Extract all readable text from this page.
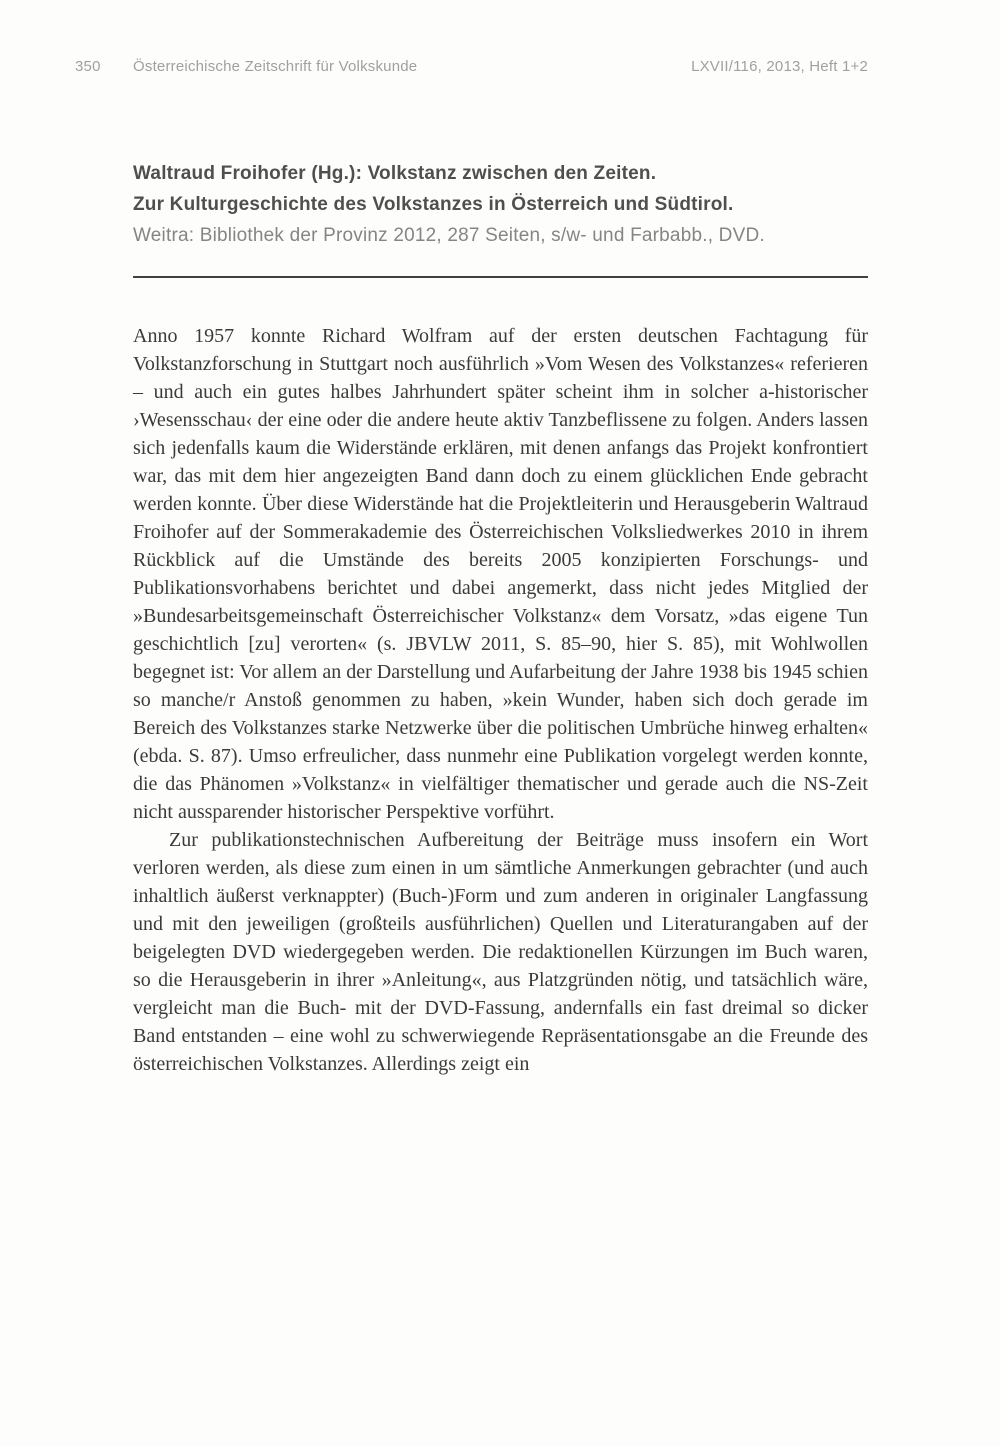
350	Österreichische Zeitschrift für Volkskunde	LXVII/116, 2013, Heft 1+2

Waltraud Froihofer (Hg.): Volkstanz zwischen den Zeiten.

Zur Kulturgeschichte des Volkstanzes in Österreich und Südtirol.

Weitra: Bibliothek der Provinz 2012, 287 Seiten, s/w- und Farbabb., DVD.

Anno 1957 konnte Richard Wolfram auf der ersten deutschen Fachtagung für Volkstanzforschung in Stuttgart noch ausführlich »Vom Wesen des Volkstanzes« referieren – und auch ein gutes halbes Jahrhundert später scheint ihm in solcher a-historischer ›Wesensschau‹ der eine oder die andere heute aktiv Tanzbeflissene zu folgen. Anders lassen sich jedenfalls kaum die Widerstände erklären, mit denen anfangs das Projekt konfrontiert war, das mit dem hier angezeigten Band dann doch zu einem glücklichen Ende gebracht werden konnte. Über diese Widerstände hat die Projektleiterin und Herausgeberin Waltraud Froihofer auf der Sommerakademie des Österreichischen Volksliedwerkes 2010 in ihrem Rückblick auf die Umstände des bereits 2005 konzipierten Forschungs- und Publikationsvorhabens berichtet und dabei angemerkt, dass nicht jedes Mitglied der »Bundesarbeitsgemeinschaft Österreichischer Volkstanz« dem Vorsatz, »das eigene Tun geschichtlich [zu] verorten« (s. JBVLW 2011, S. 85–90, hier S. 85), mit Wohlwollen begegnet ist: Vor allem an der Darstellung und Aufarbeitung der Jahre 1938 bis 1945 schien so manche/r Anstoß genommen zu haben, »kein Wunder, haben sich doch gerade im Bereich des Volkstanzes starke Netzwerke über die politischen Umbrüche hinweg erhalten« (ebda. S. 87). Umso erfreulicher, dass nunmehr eine Publikation vorgelegt werden konnte, die das Phänomen »Volkstanz« in vielfältiger thematischer und gerade auch die NS-Zeit nicht aussparender historischer Perspektive vorführt.

Zur publikationstechnischen Aufbereitung der Beiträge muss insofern ein Wort verloren werden, als diese zum einen in um sämtliche Anmerkungen gebrachter (und auch inhaltlich äußerst verknappter) (Buch-)Form und zum anderen in originaler Langfassung und mit den jeweiligen (großteils ausführlichen) Quellen und Literaturangaben auf der beigelegten DVD wiedergegeben werden. Die redaktionellen Kürzungen im Buch waren, so die Herausgeberin in ihrer »Anleitung«, aus Platzgründen nötig, und tatsächlich wäre, vergleicht man die Buch- mit der DVD-Fassung, andernfalls ein fast dreimal so dicker Band entstanden – eine wohl zu schwerwiegende Repräsentationsgabe an die Freunde des österreichischen Volkstanzes. Allerdings zeigt ein
